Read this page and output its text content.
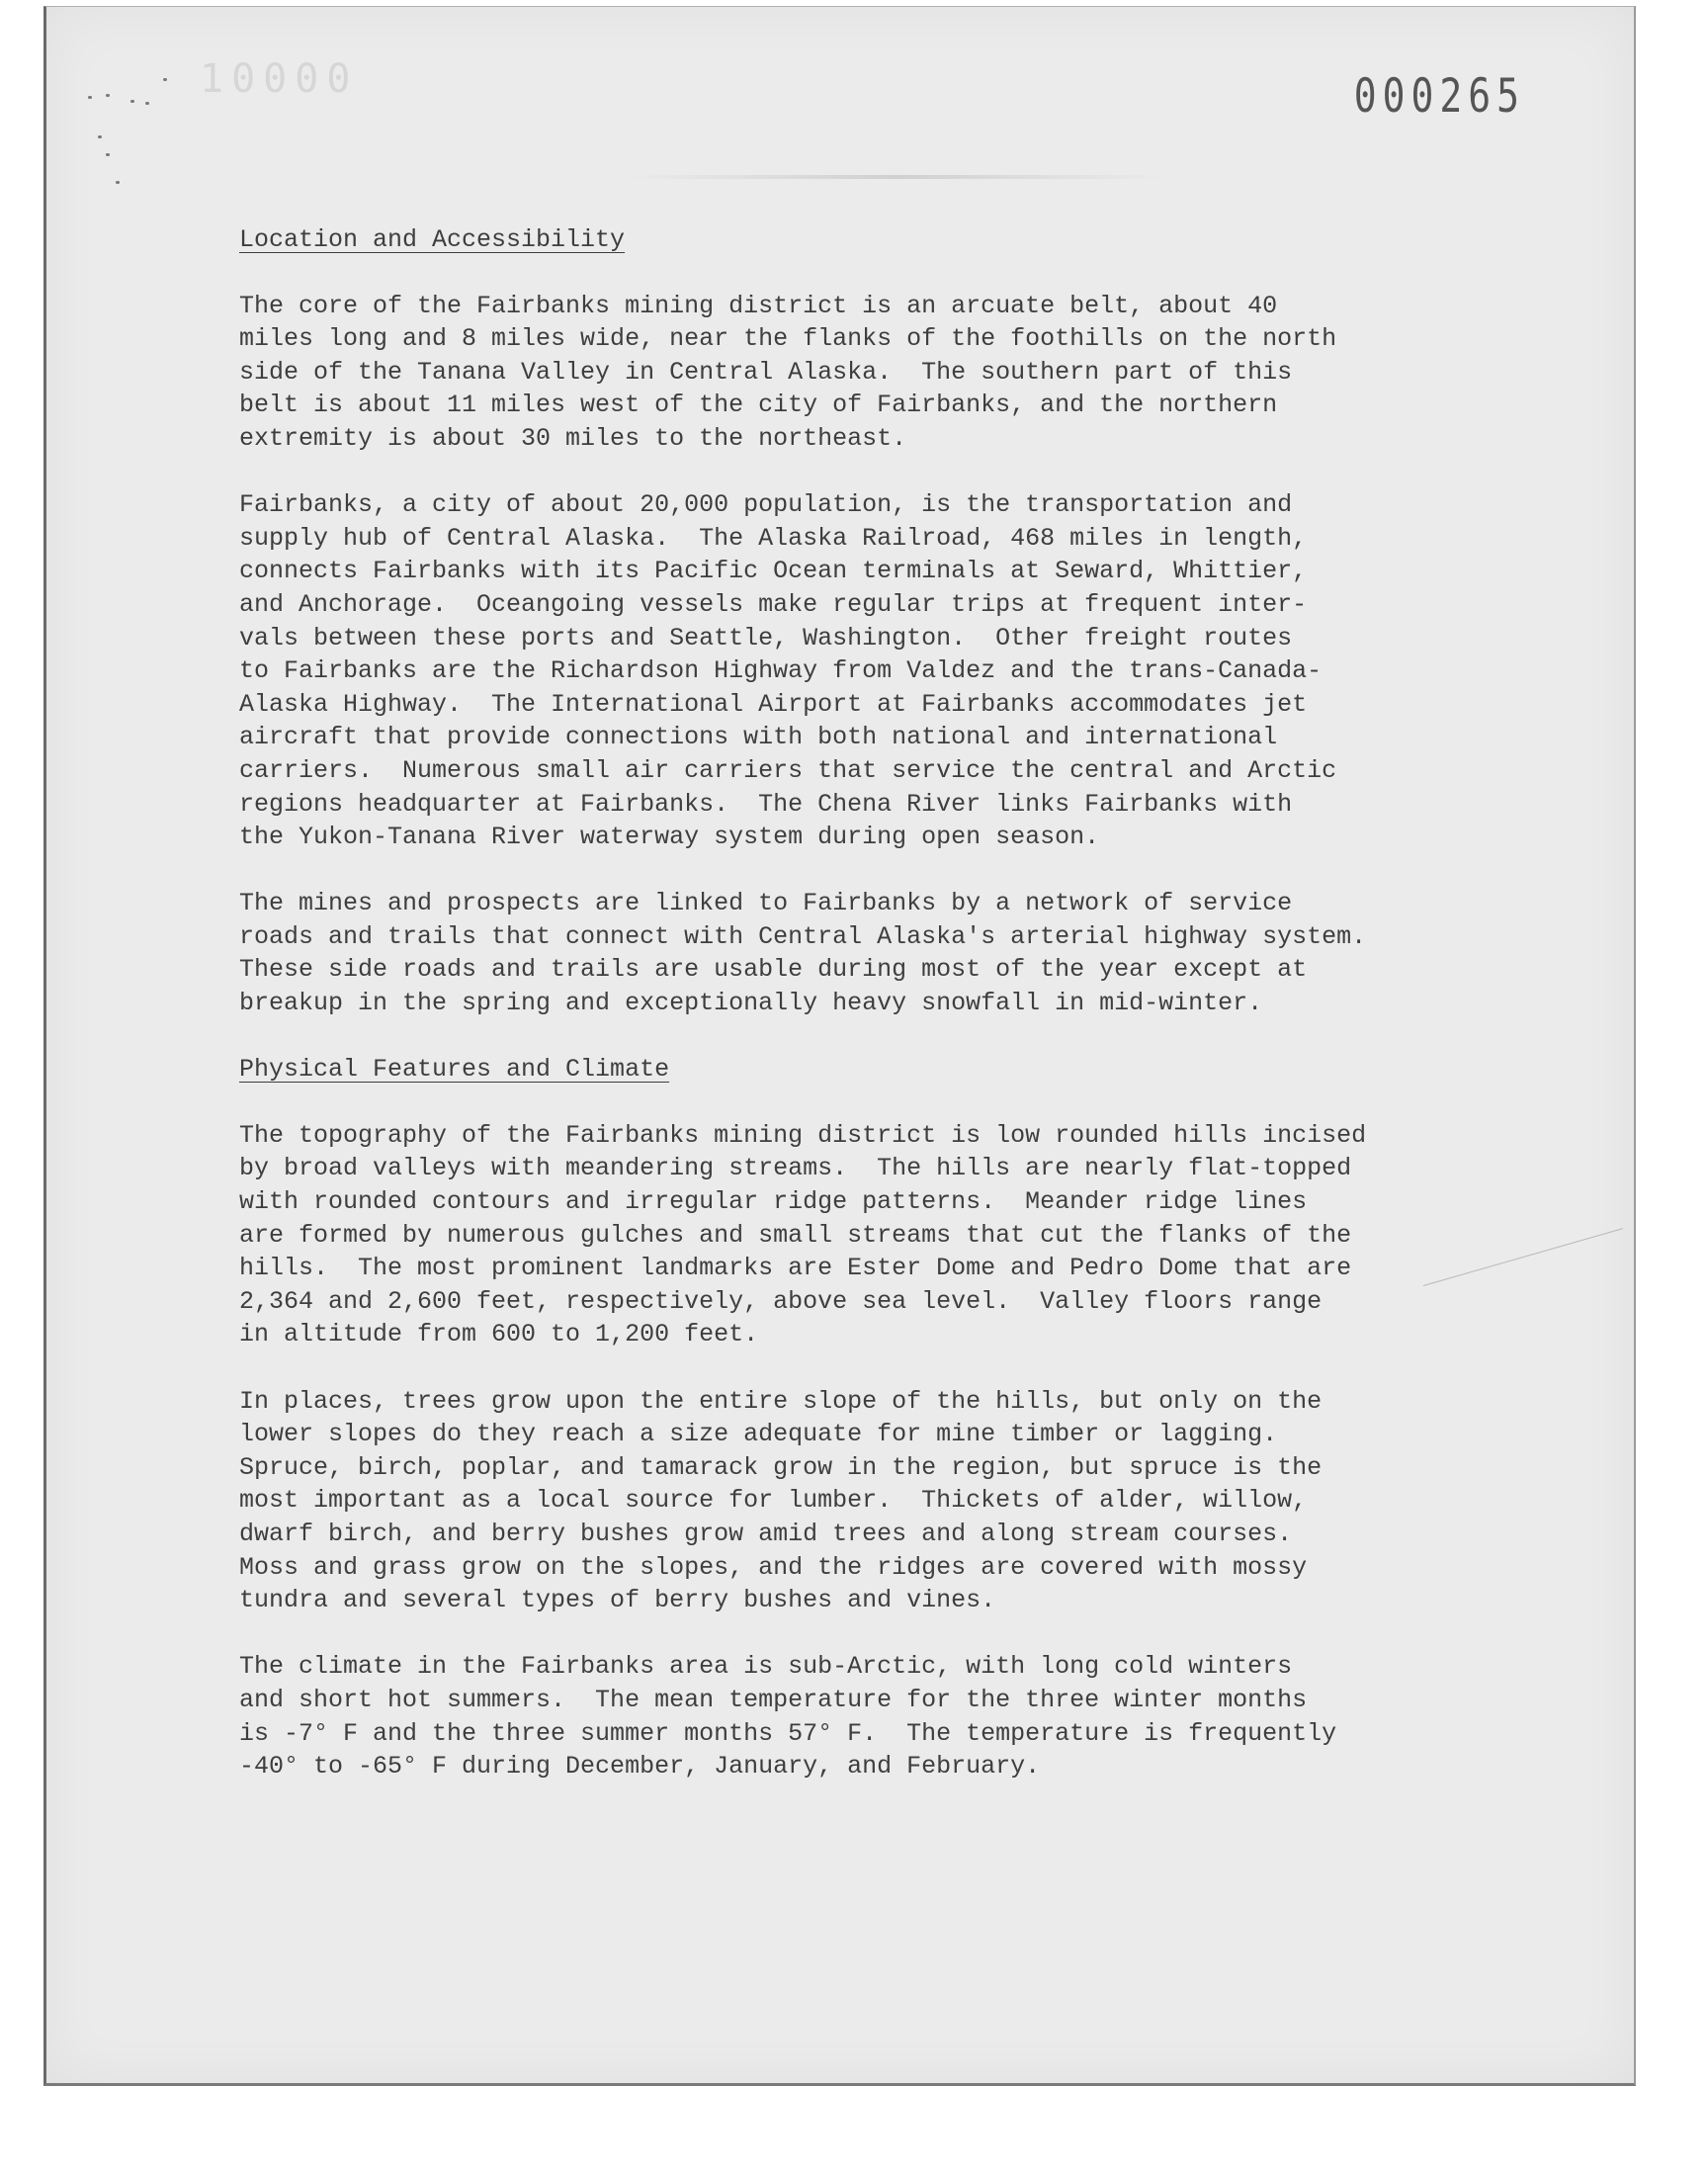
10000	000265
Location and Accessibility
The core of the Fairbanks mining district is an arcuate belt, about 40
miles long and 8 miles wide, near the flanks of the foothills on the north
side of the Tanana Valley in Central Alaska.  The southern part of this
belt is about 11 miles west of the city of Fairbanks, and the northern
extremity is about 30 miles to the northeast.
Fairbanks, a city of about 20,000 population, is the transportation and
supply hub of Central Alaska.  The Alaska Railroad, 468 miles in length,
connects Fairbanks with its Pacific Ocean terminals at Seward, Whittier,
and Anchorage.  Oceangoing vessels make regular trips at frequent inter-
vals between these ports and Seattle, Washington.  Other freight routes
to Fairbanks are the Richardson Highway from Valdez and the trans-Canada-
Alaska Highway.  The International Airport at Fairbanks accommodates jet
aircraft that provide connections with both national and international
carriers.  Numerous small air carriers that service the central and Arctic
regions headquarter at Fairbanks.  The Chena River links Fairbanks with
the Yukon-Tanana River waterway system during open season.
The mines and prospects are linked to Fairbanks by a network of service
roads and trails that connect with Central Alaska's arterial highway system.
These side roads and trails are usable during most of the year except at
breakup in the spring and exceptionally heavy snowfall in mid-winter.
Physical Features and Climate
The topography of the Fairbanks mining district is low rounded hills incised
by broad valleys with meandering streams.  The hills are nearly flat-topped
with rounded contours and irregular ridge patterns.  Meander ridge lines
are formed by numerous gulches and small streams that cut the flanks of the
hills.  The most prominent landmarks are Ester Dome and Pedro Dome that are
2,364 and 2,600 feet, respectively, above sea level.  Valley floors range
in altitude from 600 to 1,200 feet.
In places, trees grow upon the entire slope of the hills, but only on the
lower slopes do they reach a size adequate for mine timber or lagging.
Spruce, birch, poplar, and tamarack grow in the region, but spruce is the
most important as a local source for lumber.  Thickets of alder, willow,
dwarf birch, and berry bushes grow amid trees and along stream courses.
Moss and grass grow on the slopes, and the ridges are covered with mossy
tundra and several types of berry bushes and vines.
The climate in the Fairbanks area is sub-Arctic, with long cold winters
and short hot summers.  The mean temperature for the three winter months
is -7° F and the three summer months 57° F.  The temperature is frequently
-40° to -65° F during December, January, and February.
